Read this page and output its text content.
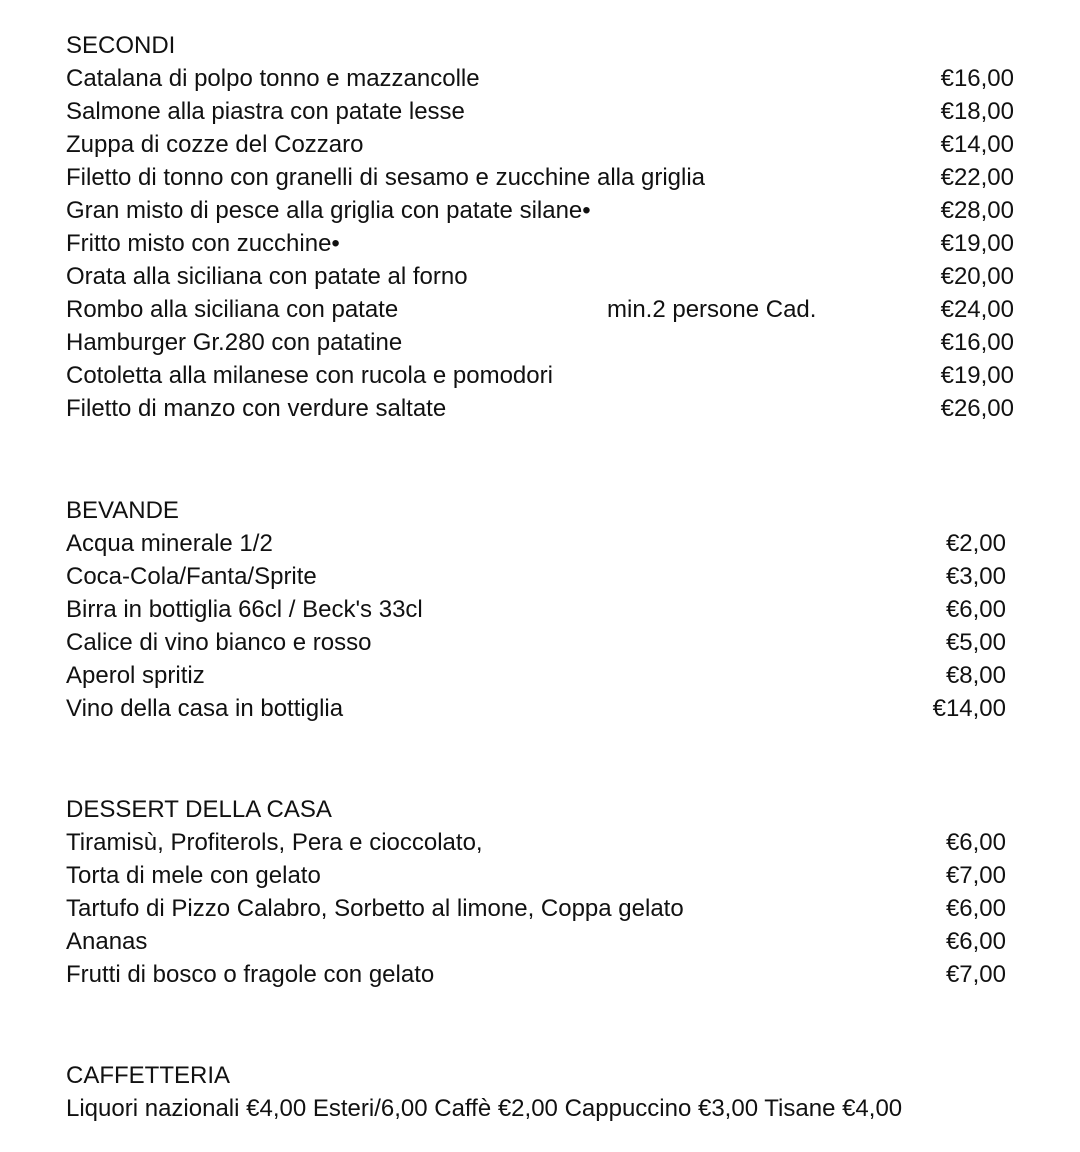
SECONDI
Catalana di polpo tonno e mazzancolle	€16,00
Salmone alla piastra con patate lesse	€18,00
Zuppa di cozze del Cozzaro	€14,00
Filetto di tonno con granelli di sesamo e zucchine alla griglia	€22,00
Gran misto di pesce alla griglia con patate silane•	€28,00
Fritto misto con zucchine•	€19,00
Orata alla siciliana con patate al forno	€20,00
Rombo alla siciliana con patate	min.2 persone Cad.	€24,00
Hamburger Gr.280 con patatine	€16,00
Cotoletta alla milanese con rucola e pomodori	€19,00
Filetto di manzo con verdure saltate	€26,00
BEVANDE
Acqua minerale 1/2	€2,00
Coca-Cola/Fanta/Sprite	€3,00
Birra in bottiglia 66cl / Beck's 33cl	€6,00
Calice di vino bianco e rosso	€5,00
Aperol spritiz	€8,00
Vino della casa in bottiglia	€14,00
DESSERT DELLA CASA
Tiramisù, Profiterols, Pera e cioccolato,	€6,00
Torta di mele con gelato	€7,00
Tartufo di Pizzo Calabro, Sorbetto al limone, Coppa gelato	€6,00
Ananas	€6,00
Frutti di bosco o fragole con gelato	€7,00
CAFFETTERIA
Liquori nazionali €4,00 Esteri/6,00 Caffè €2,00 Cappuccino €3,00 Tisane €4,00
